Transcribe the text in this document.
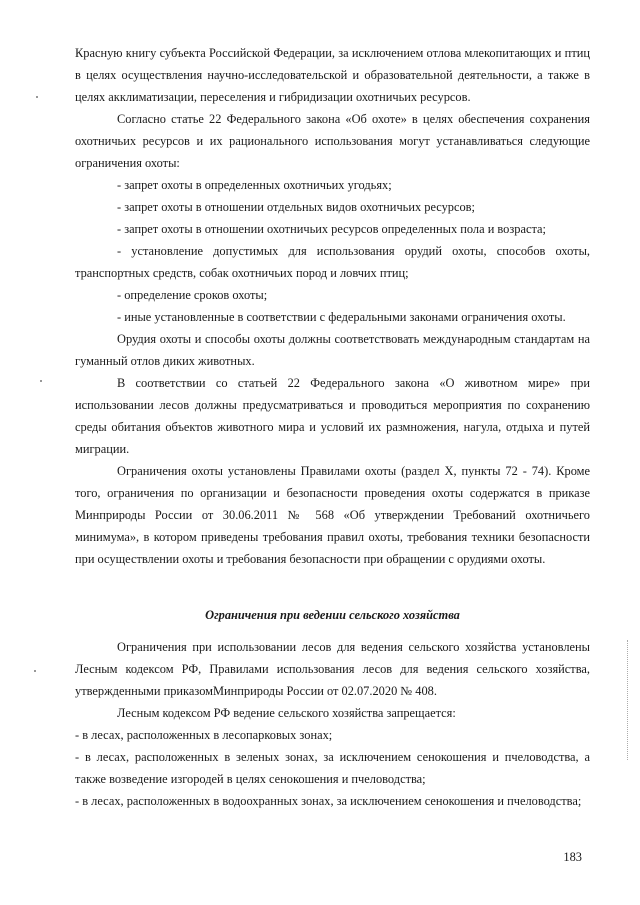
Красную книгу субъекта Российской Федерации, за исключением отлова млекопитающих и птиц в целях осуществления научно-исследовательской и образовательной деятельности, а также в целях акклиматизации, переселения и гибридизации охотничьих ресурсов.

Согласно статье 22 Федерального закона «Об охоте» в целях обеспечения сохранения охотничьих ресурсов и их рационального использования могут устанавливаться следующие ограничения охоты:

- запрет охоты в определенных охотничьих угодьях;

- запрет охоты в отношении отдельных видов охотничьих ресурсов;

- запрет охоты в отношении охотничьих ресурсов определенных пола и возраста;

- установление допустимых для использования орудий охоты, способов охоты, транспортных средств, собак охотничьих пород и ловчих птиц;

- определение сроков охоты;

- иные установленные в соответствии с федеральными законами ограничения охоты.

Орудия охоты и способы охоты должны соответствовать международным стандартам на гуманный отлов диких животных.

В соответствии со статьей 22 Федерального закона «О животном мире» при использовании лесов должны предусматриваться и проводиться мероприятия по сохранению среды обитания объектов животного мира и условий их размножения, нагула, отдыха и путей миграции.

Ограничения охоты установлены Правилами охоты (раздел X, пункты 72 - 74). Кроме того, ограничения по организации и безопасности проведения охоты содержатся в приказе Минприроды России от 30.06.2011 № 568 «Об утверждении Требований охотничьего минимума», в котором приведены требования правил охоты, требования техники безопасности при осуществлении охоты и требования безопасности при обращении с орудиями охоты.

Ограничения при ведении сельского хозяйства

Ограничения при использовании лесов для ведения сельского хозяйства установлены Лесным кодексом РФ, Правилами использования лесов для ведения сельского хозяйства, утвержденными приказомМинприроды России от 02.07.2020 № 408.

Лесным кодексом РФ ведение сельского хозяйства запрещается:

- в лесах, расположенных в лесопарковых зонах;

- в лесах, расположенных в зеленых зонах, за исключением сенокошения и пчеловодства, а также возведение изгородей в целях сенокошения и пчеловодства;

- в лесах, расположенных в водоохранных зонах, за исключением сенокошения и пчеловодства;

183
